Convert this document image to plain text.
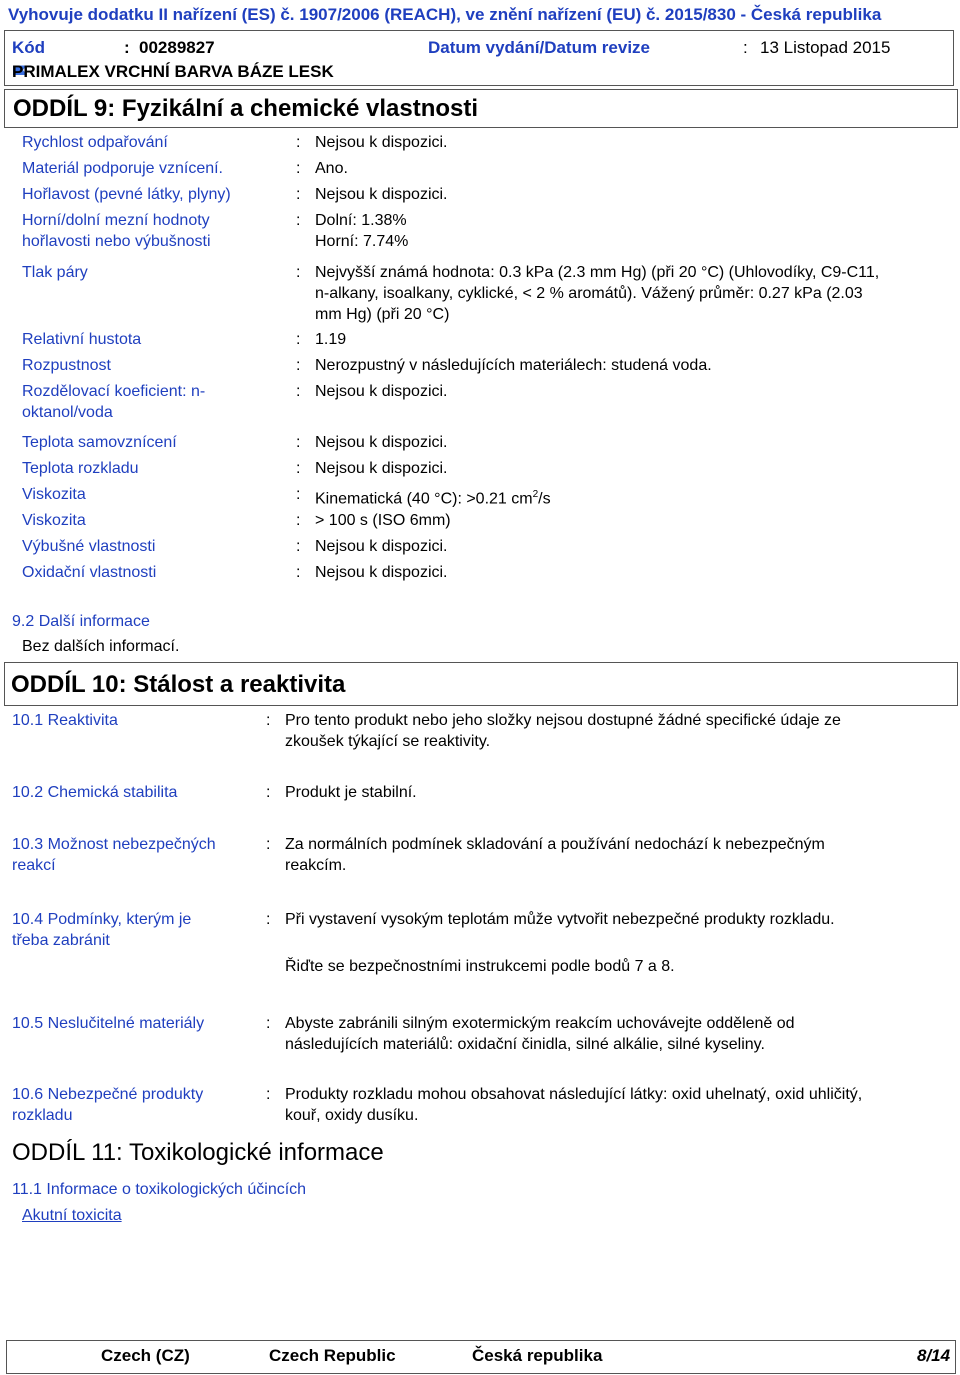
Vyhovuje dodatku II nařízení (ES) č. 1907/2006 (REACH), ve znění nařízení (EU) č. 2015/830 - Česká republika
Kód	: 00289827	Datum vydání/Datum revize	: 13 Listopad 2015
PRIMALEX VRCHNÍ BARVA BÁZE LESK
ODDÍL 9: Fyzikální a chemické vlastnosti
Rychlost odpařování	: Nejsou k dispozici.
Materiál podporuje vznícení.	: Ano.
Hořlavost (pevné látky, plyny)	: Nejsou k dispozici.
Horní/dolní mezní hodnoty
hořlavosti nebo výbušnosti
: Dolní: 1.38%
Horní: 7.74%
Tlak páry	: Nejvyšší známá hodnota: 0.3 kPa (2.3 mm Hg) (při 20 °C) (Uhlovodíky, C9-C11,
n-alkany, isoalkany, cyklické, < 2 % aromátů). Vážený průměr: 0.27 kPa (2.03
mm Hg) (při 20 °C)
Relativní hustota	: 1.19
Rozpustnost	: Nerozpustný v následujících materiálech: studená voda.
Rozdělovací koeficient: n-
oktanol/voda
: Nejsou k dispozici.
Teplota samovznícení	: Nejsou k dispozici.
Teplota rozkladu	: Nejsou k dispozici.
Viskozita	: Kinematická (40 °C): >0.21 $cm^2/s$
Viskozita	: > 100 s (ISO 6mm)
Výbušné vlastnosti	: Nejsou k dispozici.
Oxidační vlastnosti	: Nejsou k dispozici.
9.2 Další informace
Bez dalších informací.
ODDÍL 10: Stálost a reaktivita
10.1 Reaktivita	: Pro tento produkt nebo jeho složky nejsou dostupné žádné specifické údaje ze
zkoušek týkající se reaktivity.
10.2 Chemická stabilita	: Produkt je stabilní.
10.3 Možnost nebezpečných
reakcí
: Za normálních podmínek skladování a používání nedochází k nebezpečným
reakcím.
10.4 Podmínky, kterým je
třeba zabránit
: Při vystavení vysokým teplotám může vytvořit nebezpečné produkty rozkladu.
Řiďte se bezpečnostními instrukcemi podle bodů 7 a 8.
10.5 Neslučitelné materiály	: Abyste zabránili silným exotermickým reakcím uchovávejte odděleně od
následujících materiálů: oxidační činidla, silné alkálie, silné kyseliny.
10.6 Nebezpečné produkty
rozkladu
: Produkty rozkladu mohou obsahovat následující látky: oxid uhelnatý, oxid uhličitý,
kouř, oxidy dusíku.
ODDÍL 11: Toxikologické informace
11.1 Informace o toxikologických účincích
Akutní toxicita
Czech (CZ)	Czech Republic	Česká republika	8/14
